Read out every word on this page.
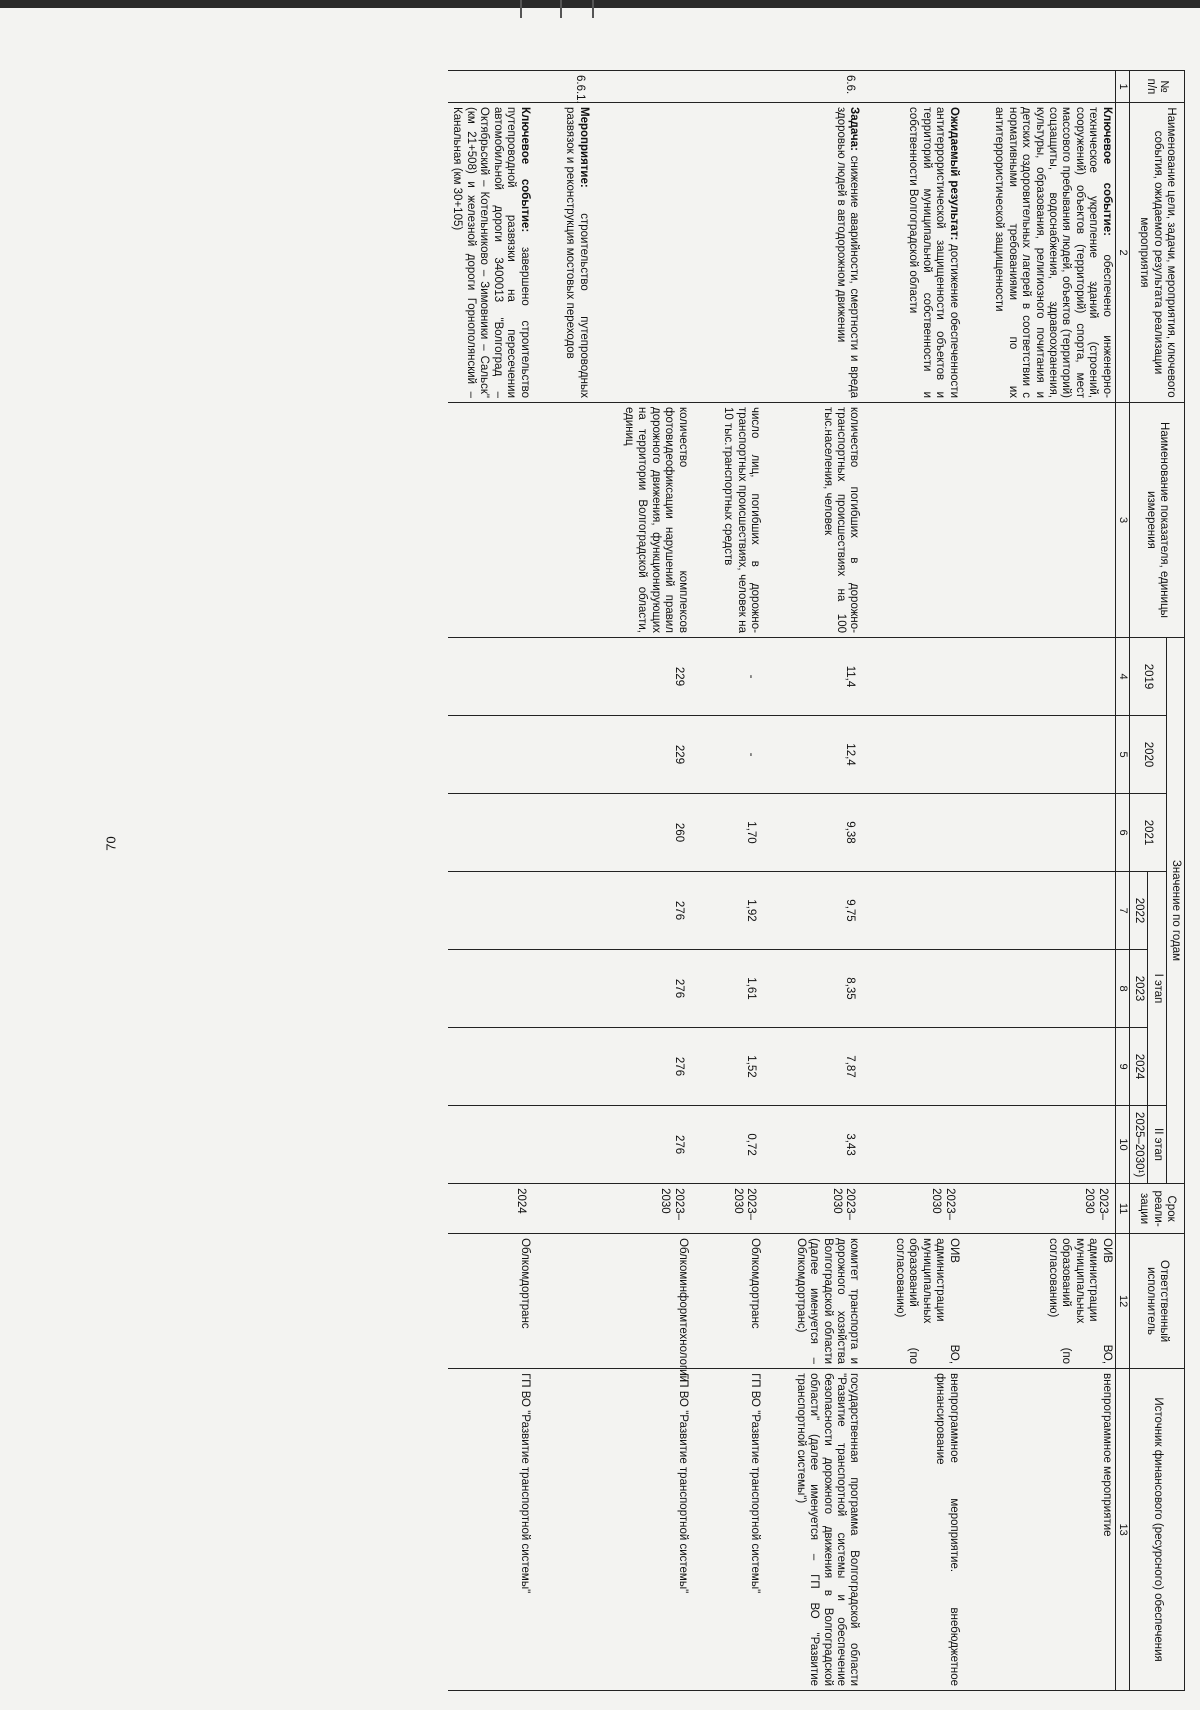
70
№ п/п	Наименование цели, задачи, мероприятия, ключевого события, ожидаемого результата реализации мероприятия	Наименование показателя, единицы измерения	Значение по годам							Срок реали-зации	Ответственный исполнитель	Источник финансового (ресурсного) обеспечения
			2019	2020	2021	I этап			II этап			
						2022	2023	2024	2025–2030¹)			
1	2	3	4	5	6	7	8	9	10	11	12	13
	Ключевое событие: обеспечено инженерно-техническое укрепление зданий (строений, сооружений) объектов (территорий) спорта, мест массового пребывания людей, объектов (территорий) соцзащиты, водоснабжения, здравоохранения, культуры, образования, религиозного почитания и детских оздоровительных лагерей в соответствии с нормативными требованиями по их антитеррористической защищенности									2023–2030	ОИВ ВО, администрации муниципальных образований (по согласованию)	внепрограммное мероприятие

	Ожидаемый результат: достижение обеспеченности антитеррористической защищенности объектов и территорий муниципальной собственности и собственности Волгоградской области									2023–2030	ОИВ ВО, администрации муниципальных образований (по согласованию)	внепрограммное мероприятие. внебюджетное финансирование

6.6.	Задача: снижение аварийности, смертности и вреда здоровью людей в автодорожном движении	количество погибших в дорожно-транспортных происшествиях на 100 тыс.населения, человек	11,4	12,4	9,38	9,75	8,35	7,87	3,43	2023–2030	комитет транспорта и дорожного хозяйства Волгоградской области (далее именуется – Облкомдортранс)	государственная программа Волгоградской области "Развитие транспортной системы и обеспечение безопасности дорожного движения в Волгоградской области" (далее именуется – ГП ВО "Развитие транспортной системы")

		число лиц, погибших в дорожно-транспортных происшествиях, человек на 10 тыс.транспортных средств	-	-	1,70	1,92	1,61	1,52	0,72	2023–2030	Облкомдортранс	ГП ВО "Развитие транспортной системы"

		количество комплексов фотовидеофиксации нарушений правил дорожного движения, функционирующих на территории Волгоградской области, единиц	229	229	260	276	276	276	276	2023–2030	Облкоминформтехнологии	ГП ВО "Развитие транспортной системы"

6.6.1.	Мероприятие: строительство путепроводных развязок и реконструкция мостовых переходов											

	Ключевое событие: завершено строительство путепроводной развязки на пересечении автомобильной дороги 3400013 "Волгоград – Октябрьский – Котельниково – Зимовники – Сальск" (км 21+508) и железной дороги Горнополянский – Канальная (км 30+105)									2024	Облкомдортранс	ГП ВО "Развитие транспортной системы"
